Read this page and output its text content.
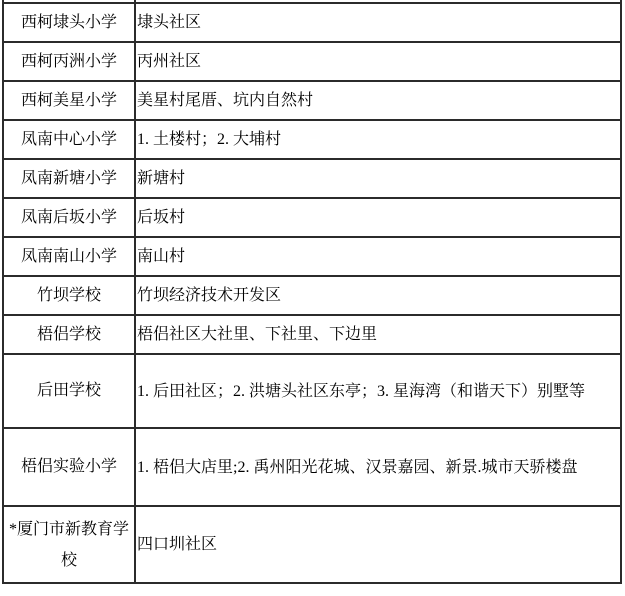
西柯埭头小学	埭头社区
西柯丙洲小学	丙州社区
西柯美星小学	美星村尾厝、坑内自然村
凤南中心小学	1. 土楼村；2. 大埔村
凤南新塘小学	新塘村
凤南后坂小学	后坂村
凤南南山小学	南山村
竹坝学校	竹坝经济技术开发区
梧侣学校	梧侣社区大社里、下社里、下边里
后田学校	1. 后田社区；2. 洪塘头社区东亭；3. 星海湾（和谐天下）别墅等
梧侣实验小学	1. 梧侣大店里;2. 禹州阳光花城、汉景嘉园、新景.城市天骄楼盘
*厦门市新教育学校	四口圳社区
